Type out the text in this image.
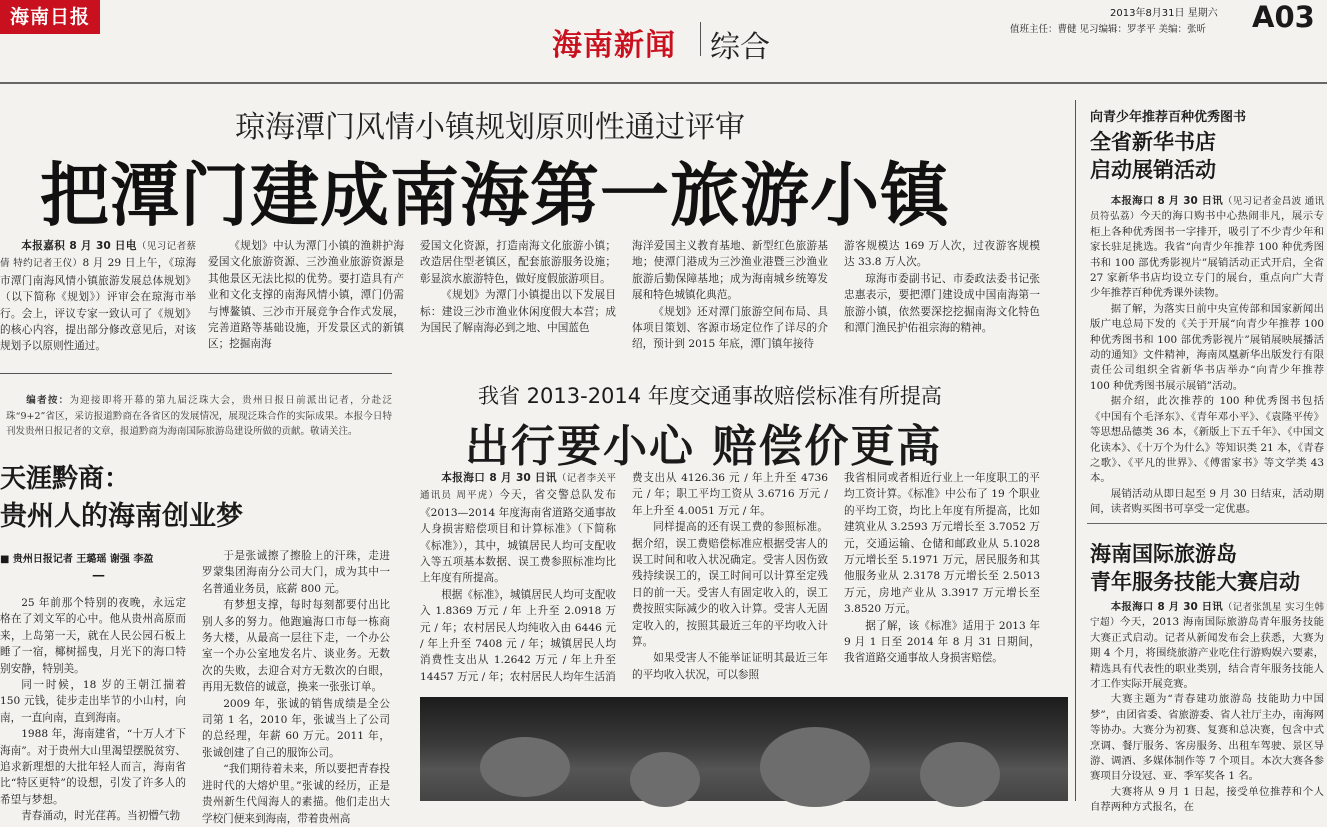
海南日报
海南新闻 综合
2013年8月31日 星期六
值班主任：曹健 见习编辑：罗孝平 美编：张昕 A03
琼海潭门风情小镇规划原则性通过评审
把潭门建成南海第一旅游小镇

本报嘉积 8 月 30 日电（见习记者蔡倩 特约记者王仪）8 月 29 日上午，《琼海市潭门南海风情小镇旅游发展总体规划》（以下简称《规划》）评审会在琼海市举行。会上，评议专家一致认可了《规划》的核心内容，提出部分修改意见后，对该规划予以原则性通过。

《规划》中认为潭门小镇的渔耕护海爱国文化旅游资源、三沙渔业旅游资源是其他景区无法比拟的优势。要打造具有产业和文化支撑的南海风情小镇，潭门仍需与博鳌镇、三沙市开展竞争合作式发展，完善道路等基础设施，开发景区式的新镇区；挖掘南海

爱国文化资源，打造南海文化旅游小镇；改造居住型老镇区，配套旅游服务设施；彰显滨水旅游特色，做好度假旅游项目。

《规划》为潭门小镇提出以下发展目标：建设三沙市渔业休闲度假大本营；成为国民了解南海必到之地、中国蓝色

海洋爱国主义教育基地、新型红色旅游基地；使潭门港成为三沙渔业港暨三沙渔业旅游后勤保障基地；成为海南城乡统筹发展和特色城镇化典范。

《规划》还对潭门旅游空间布局、具体项目策划、客源市场定位作了详尽的介绍，预计到 2015 年底，潭门镇年接待

游客规模达 169 万人次，过夜游客规模达 33.8 万人次。

琼海市委副书记、市委政法委书记张忠惠表示，要把潭门建设成中国南海第一旅游小镇，依然要深挖挖掘南海文化特色和潭门渔民护佑祖宗海的精神。

编者按：为迎接即将开幕的第九届泛珠大会，贵州日报日前派出记者，分赴泛珠“9+2”省区，采访报道黔商在各省区的发展情况，展现泛珠合作的实际成果。本报今日特刊发贵州日报记者的文章，报道黔商为海南国际旅游岛建设所做的贡献。敬请关注。
天涯黔商：
贵州人的海南创业梦
■ 贵州日报记者 王璐瑶 谢强 李盈
—

25 年前那个特别的夜晚，永远定格在了刘文军的心中。他从贵州高原而来，上岛第一天，就在人民公园石板上睡了一宿，椰树摇曳，月光下的海口特别安静，特别美。

同一时候，18 岁的王朝江揣着 150 元钱，徒步走出毕节的小山村，向南，一直向南，直到海南。

1988 年，海南建省，“十万人才下海南”。对于贵州大山里渴望摆脱贫穷、追求新理想的大批年轻人而言，海南省比“特区更特”的设想，引发了许多人的希望与梦想。

青春涌动，时光荏苒。当初懵气勃

于是张诚擦了擦脸上的汗珠，走进罗蒙集团海南分公司大门，成为其中一名普通业务员，底薪 800 元。

有梦想支撑，每时每刻都要付出比别人多的努力。他跑遍海口市每一栋商务大楼，从最高一层往下走，一个办公室一个办公室地发名片、谈业务。无数次的失败，去迎合对方无数次的白眼，再用无数倍的诚意，换来一张张订单。

2009 年，张诚的销售成绩是全公司第 1 名，2010 年，张诚当上了公司的总经理，年薪 60 万元。2011 年，张诚创建了自己的服饰公司。

“我们期待着未来，所以要把青春投进时代的大熔炉里。”张诚的经历，正是贵州新生代闯海人的素描。他们走出大学校门便来到海南，带着贵州高

我省 2013-2014 年度交通事故赔偿标准有所提高
出行要小心 赔偿价更高

本报海口 8 月 30 日讯（记者李关平 通讯员 周平虎）今天，省交警总队发布《2013—2014 年度海南省道路交通事故人身损害赔偿项目和计算标准》（下简称《标准》），其中，城镇居民人均可支配收入等五项基本数据、误工费参照标准均比上年度有所提高。

根据《标准》，城镇居民人均可支配收入 1.8369 万元 / 年 上升至 2.0918 万元 / 年；农村居民人均纯收入由 6446 元 / 年上升至 7408 元 / 年；城镇居民人均消费性支出从 1.2642 万元 / 年上升至 14457 万元 / 年；农村居民人均年生活消

费支出从 4126.36 元 / 年上升至 4736 元 / 年；职工平均工资从 3.6716 万元 / 年上升至 4.0051 万元 / 年。

同样提高的还有误工费的参照标准。据介绍，误工费赔偿标准应根据受害人的误工时间和收入状况确定。受害人因伤致残持续误工的，误工时间可以计算至定残日的前一天。受害人有固定收入的，误工费按照实际减少的收入计算。受害人无固定收入的，按照其最近三年的平均收入计算。

如果受害人不能举证证明其最近三年的平均收入状况，可以参照

我省相同或者相近行业上一年度职工的平均工资计算。《标准》中公布了 19 个职业的平均工资，均比上年度有所提高，比如建筑业从 3.2593 万元增长至 3.7052 万元，交通运输、仓储和邮政业从 5.1028 万元增长至 5.1971 万元，居民服务和其他服务业从 2.3178 万元增长至 2.5013 万元，房地产业从 3.3917 万元增长至 3.8520 万元。

据了解，该《标准》适用于 2013 年 9 月 1 日至 2014 年 8 月 31 日期间，我省道路交通事故人身损害赔偿。

向青少年推荐百种优秀图书
全省新华书店
启动展销活动

本报海口 8 月 30 日讯（见习记者金昌波 通讯员符弘荔）今天的海口购书中心热闹非凡，展示专柜上各种优秀图书一字排开，吸引了不少青少年和家长驻足挑选。我省“向青少年推荐 100 种优秀图书和 100 部优秀影视片”展销活动正式开启，全省 27 家新华书店均设立专门的展台，重点向广大青少年推荐百种优秀课外读物。

据了解，为落实日前中央宣传部和国家新闻出版广电总局下发的《关于开展“向青少年推荐 100种优秀图书和 100 部优秀影视片”展销展映展播活动的通知》文件精神，海南凤凰新华出版发行有限责任公司组织全省新华书店举办“向青少年推荐 100 种优秀图书展示展销”活动。

据介绍，此次推荐的 100 种优秀图书包括《中国有个毛泽东》、《青年邓小平》、《袁隆平传》等思想品德类 36 本，《新版上下五千年》、《中国文化读本》、《十万个为什么》等知识类 21 本，《青春之歌》、《平凡的世界》、《傅雷家书》等文学类 43 本。

展销活动从即日起至 9 月 30 日结束，活动期间，读者购买图书可享受一定优惠。

海南国际旅游岛
青年服务技能大赛启动

本报海口 8 月 30 日讯（记者张凯星 实习生韩宁超）今天，2013 海南国际旅游岛青年服务技能大赛正式启动。记者从新闻发布会上获悉，大赛为期 4 个月，将围绕旅游产业吃住行游购娱六要素，精选具有代表性的职业类别，结合青年服务技能人才工作实际开展竞赛。

大赛主题为“青春建功旅游岛 技能助力中国梦”，由团省委、省旅游委、省人社厅主办，南海网等协办。大赛分为初赛、复赛和总决赛，包含中式烹调、餐厅服务、客房服务、出租车驾驶、景区导游、调酒、多媒体制作等 7 个项目。本次大赛各参赛项目分设冠、亚、季军奖各 1 名。

大赛将从 9 月 1 日起，接受单位推荐和个人自荐两种方式报名，在
